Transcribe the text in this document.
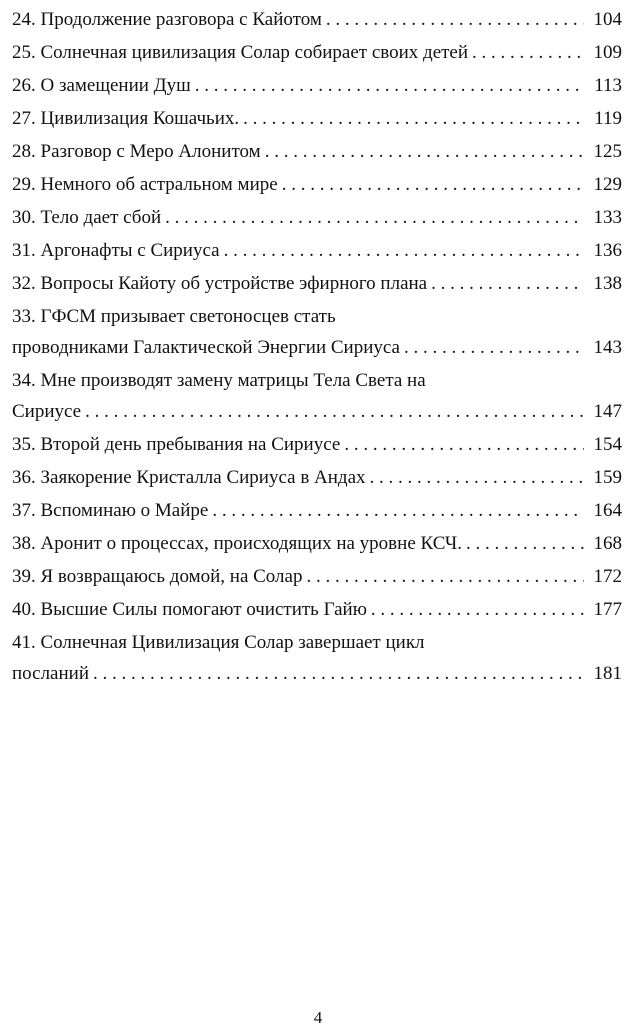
24. Продолжение разговора с Кайотом . . .	104
25. Солнечная цивилизация Солар собирает своих детей . . .	109
26. О замещении Душ . . .	113
27. Цивилизация Кошачьих. . . .	119
28. Разговор с Меро Алонитом . . .	125
29. Немного об астральном мире . . .	129
30. Тело дает сбой . . .	133
31. Аргонафты с Сириуса . . .	136
32. Вопросы Кайоту об устройстве эфирного плана . . .	138
33. ГФСМ призывает светоносцев стать
проводниками Галактической Энергии Сириуса . . .	143
34. Мне производят замену матрицы Тела Света на
Сириусе . . .	147
35. Второй день пребывания на Сириусе . . .	154
36. Заякорение Кристалла Сириуса в Андах . . .	159
37. Вспоминаю о Майре . . .	164
38. Аронит о процессах, происходящих на уровне КСЧ. . . .	168
39. Я возвращаюсь домой, на Солар . . .	172
40. Высшие Силы помогают очистить Гайю . . .	177
41. Солнечная Цивилизация Солар завершает цикл
посланий . . .	181
4
